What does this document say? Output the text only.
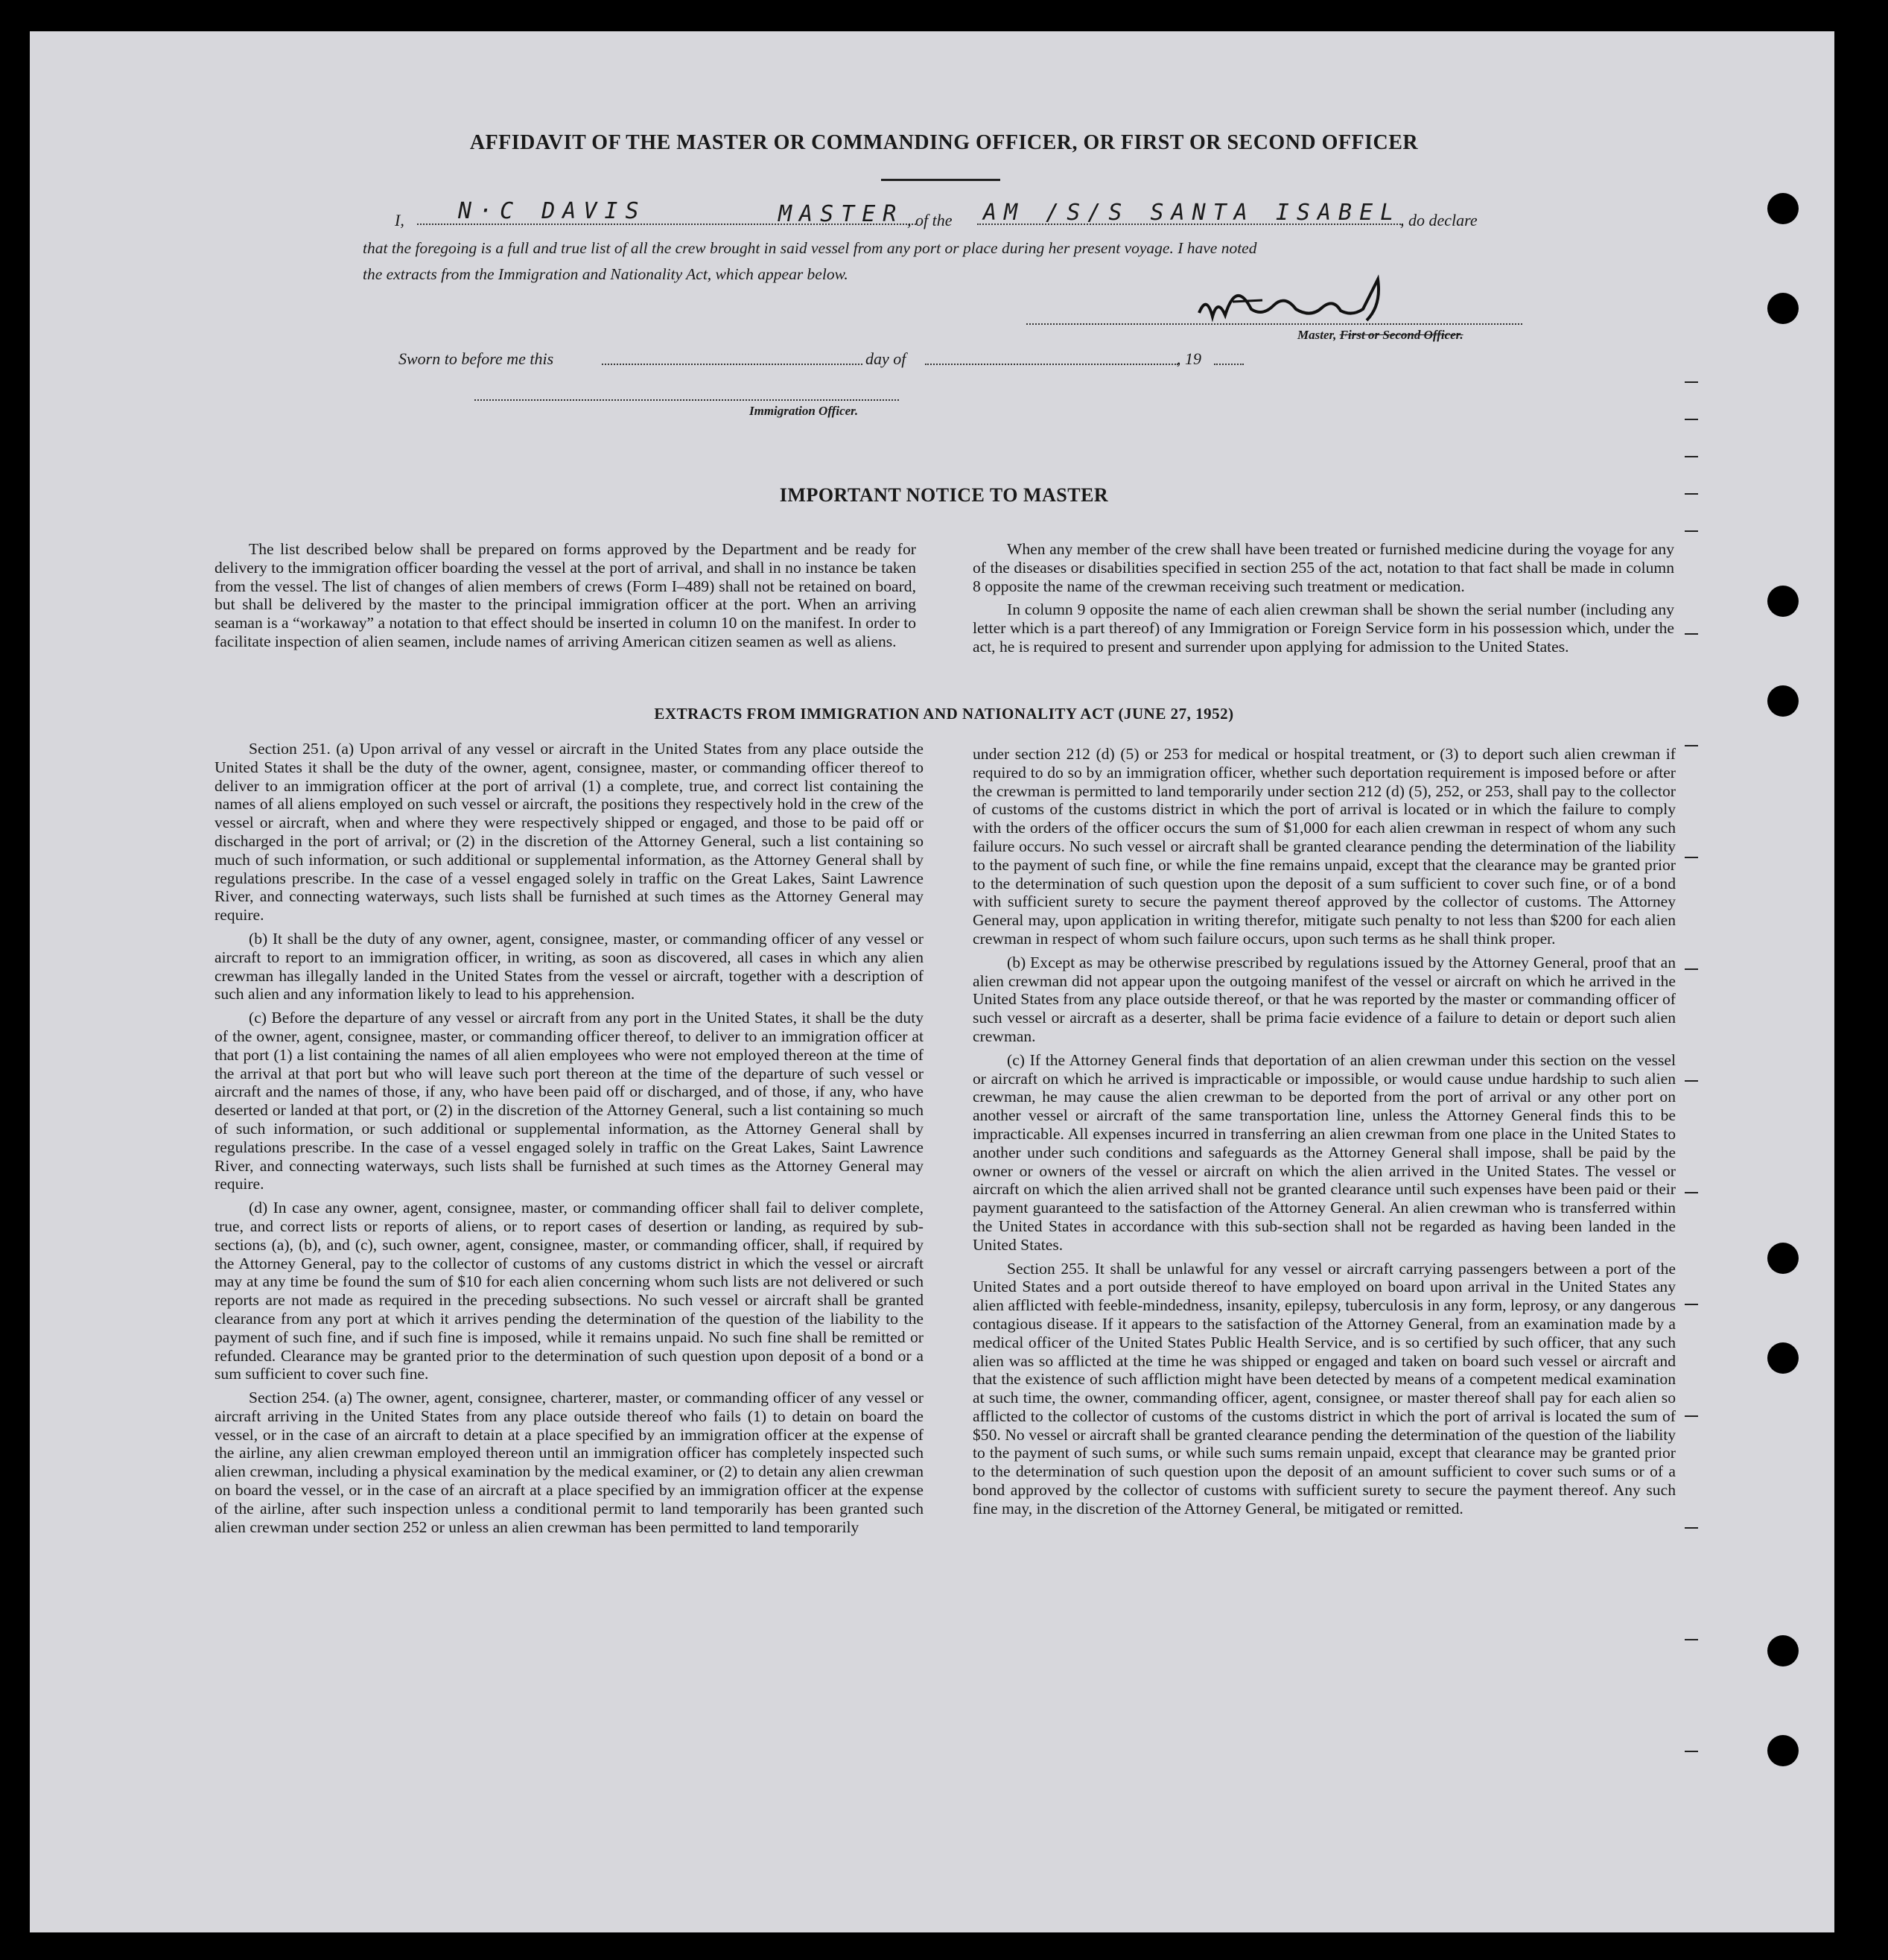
AFFIDAVIT OF THE MASTER OR COMMANDING OFFICER, OR FIRST OR SECOND OFFICER
I, N·C DAVIS	MASTER , of the AM /S/S SANTA ISABEL
, do declare
that the foregoing is a full and true list of all the crew brought in said vessel from any port or place during her present voyage. I have noted
the extracts from the Immigration and Nationality Act, which appear below.
Master, First or Second Officer.
Sworn to before me this	day of	, 19
Immigration Officer.
IMPORTANT NOTICE TO MASTER

The list described below shall be prepared on forms approved by the Department and be ready for delivery to the immigration officer boarding the vessel at the port of arrival, and shall in no instance be taken from the vessel. The list of changes of alien members of crews (Form I–489) shall not be retained on board, but shall be delivered by the master to the principal immigration officer at the port. When an arriving seaman is a “workaway” a notation to that effect should be inserted in column 10 on the manifest. In order to facilitate inspection of alien seamen, include names of arriving American citizen seamen as well as aliens.

When any member of the crew shall have been treated or furnished medicine during the voyage for any of the diseases or disabilities specified in section 255 of the act, notation to that fact shall be made in column 8 opposite the name of the crewman receiving such treatment or medication.

In column 9 opposite the name of each alien crewman shall be shown the serial number (including any letter which is a part thereof) of any Immigration or Foreign Service form in his possession which, under the act, he is required to present and surrender upon applying for admission to the United States.

EXTRACTS FROM IMMIGRATION AND NATIONALITY ACT (JUNE 27, 1952)

Section 251. (a) Upon arrival of any vessel or aircraft in the United States from any place outside the United States it shall be the duty of the owner, agent, consignee, master, or commanding officer thereof to deliver to an immigration officer at the port of arrival (1) a complete, true, and correct list containing the names of all aliens employed on such vessel or aircraft, the positions they respectively hold in the crew of the vessel or aircraft, when and where they were respectively shipped or engaged, and those to be paid off or discharged in the port of arrival; or (2) in the discretion of the Attorney General, such a list containing so much of such information, or such additional or supplemental information, as the Attorney General shall by regulations prescribe. In the case of a vessel engaged solely in traffic on the Great Lakes, Saint Lawrence River, and connecting waterways, such lists shall be furnished at such times as the Attorney General may require.

(b) It shall be the duty of any owner, agent, consignee, master, or commanding officer of any vessel or aircraft to report to an immigration officer, in writing, as soon as discovered, all cases in which any alien crewman has illegally landed in the United States from the vessel or aircraft, together with a description of such alien and any information likely to lead to his apprehension.

(c) Before the departure of any vessel or aircraft from any port in the United States, it shall be the duty of the owner, agent, consignee, master, or commanding officer thereof, to deliver to an immigration officer at that port (1) a list containing the names of all alien employees who were not employed thereon at the time of the arrival at that port but who will leave such port thereon at the time of the departure of such vessel or aircraft and the names of those, if any, who have been paid off or discharged, and of those, if any, who have deserted or landed at that port, or (2) in the discretion of the Attorney General, such a list containing so much of such information, or such additional or supplemental information, as the Attorney General shall by regulations prescribe. In the case of a vessel engaged solely in traffic on the Great Lakes, Saint Lawrence River, and connecting waterways, such lists shall be furnished at such times as the Attorney General may require.

(d) In case any owner, agent, consignee, master, or commanding officer shall fail to deliver complete, true, and correct lists or reports of aliens, or to report cases of desertion or landing, as required by sub-sections (a), (b), and (c), such owner, agent, consignee, master, or commanding officer, shall, if required by the Attorney General, pay to the collector of customs of any customs district in which the vessel or aircraft may at any time be found the sum of $10 for each alien concerning whom such lists are not delivered or such reports are not made as required in the preceding subsections. No such vessel or aircraft shall be granted clearance from any port at which it arrives pending the determination of the question of the liability to the payment of such fine, and if such fine is imposed, while it remains unpaid. No such fine shall be remitted or refunded. Clearance may be granted prior to the determination of such question upon deposit of a bond or a sum sufficient to cover such fine.

Section 254. (a) The owner, agent, consignee, charterer, master, or commanding officer of any vessel or aircraft arriving in the United States from any place outside thereof who fails (1) to detain on board the vessel, or in the case of an aircraft to detain at a place specified by an immigration officer at the expense of the airline, any alien crewman employed thereon until an immigration officer has completely inspected such alien crewman, including a physical examination by the medical examiner, or (2) to detain any alien crewman on board the vessel, or in the case of an aircraft at a place specified by an immigration officer at the expense of the airline, after such inspection unless a conditional permit to land temporarily has been granted such alien crewman under section 252 or unless an alien crewman has been permitted to land temporarily

under section 212 (d) (5) or 253 for medical or hospital treatment, or (3) to deport such alien crewman if required to do so by an immigration officer, whether such deportation requirement is imposed before or after the crewman is permitted to land temporarily under section 212 (d) (5), 252, or 253, shall pay to the collector of customs of the customs district in which the port of arrival is located or in which the failure to comply with the orders of the officer occurs the sum of $1,000 for each alien crewman in respect of whom any such failure occurs. No such vessel or aircraft shall be granted clearance pending the determination of the liability to the payment of such fine, or while the fine remains unpaid, except that the clearance may be granted prior to the determination of such question upon the deposit of a sum sufficient to cover such fine, or of a bond with sufficient surety to secure the payment thereof approved by the collector of customs. The Attorney General may, upon application in writing therefor, mitigate such penalty to not less than $200 for each alien crewman in respect of whom such failure occurs, upon such terms as he shall think proper.

(b) Except as may be otherwise prescribed by regulations issued by the Attorney General, proof that an alien crewman did not appear upon the outgoing manifest of the vessel or aircraft on which he arrived in the United States from any place outside thereof, or that he was reported by the master or commanding officer of such vessel or aircraft as a deserter, shall be prima facie evidence of a failure to detain or deport such alien crewman.

(c) If the Attorney General finds that deportation of an alien crewman under this section on the vessel or aircraft on which he arrived is impracticable or impossible, or would cause undue hardship to such alien crewman, he may cause the alien crewman to be deported from the port of arrival or any other port on another vessel or aircraft of the same transportation line, unless the Attorney General finds this to be impracticable. All expenses incurred in transferring an alien crewman from one place in the United States to another under such conditions and safeguards as the Attorney General shall impose, shall be paid by the owner or owners of the vessel or aircraft on which the alien arrived in the United States. The vessel or aircraft on which the alien arrived shall not be granted clearance until such expenses have been paid or their payment guaranteed to the satisfaction of the Attorney General. An alien crewman who is transferred within the United States in accordance with this sub-section shall not be regarded as having been landed in the United States.

Section 255. It shall be unlawful for any vessel or aircraft carrying passengers between a port of the United States and a port outside thereof to have employed on board upon arrival in the United States any alien afflicted with feeble-mindedness, insanity, epilepsy, tuberculosis in any form, leprosy, or any dangerous contagious disease. If it appears to the satisfaction of the Attorney General, from an examination made by a medical officer of the United States Public Health Service, and is so certified by such officer, that any such alien was so afflicted at the time he was shipped or engaged and taken on board such vessel or aircraft and that the existence of such affliction might have been detected by means of a competent medical examination at such time, the owner, commanding officer, agent, consignee, or master thereof shall pay for each alien so afflicted to the collector of customs of the customs district in which the port of arrival is located the sum of $50. No vessel or aircraft shall be granted clearance pending the determination of the question of the liability to the payment of such sums, or while such sums remain unpaid, except that clearance may be granted prior to the determination of such question upon the deposit of an amount sufficient to cover such sums or of a bond approved by the collector of customs with sufficient surety to secure the payment thereof. Any such fine may, in the discretion of the Attorney General, be mitigated or remitted.
